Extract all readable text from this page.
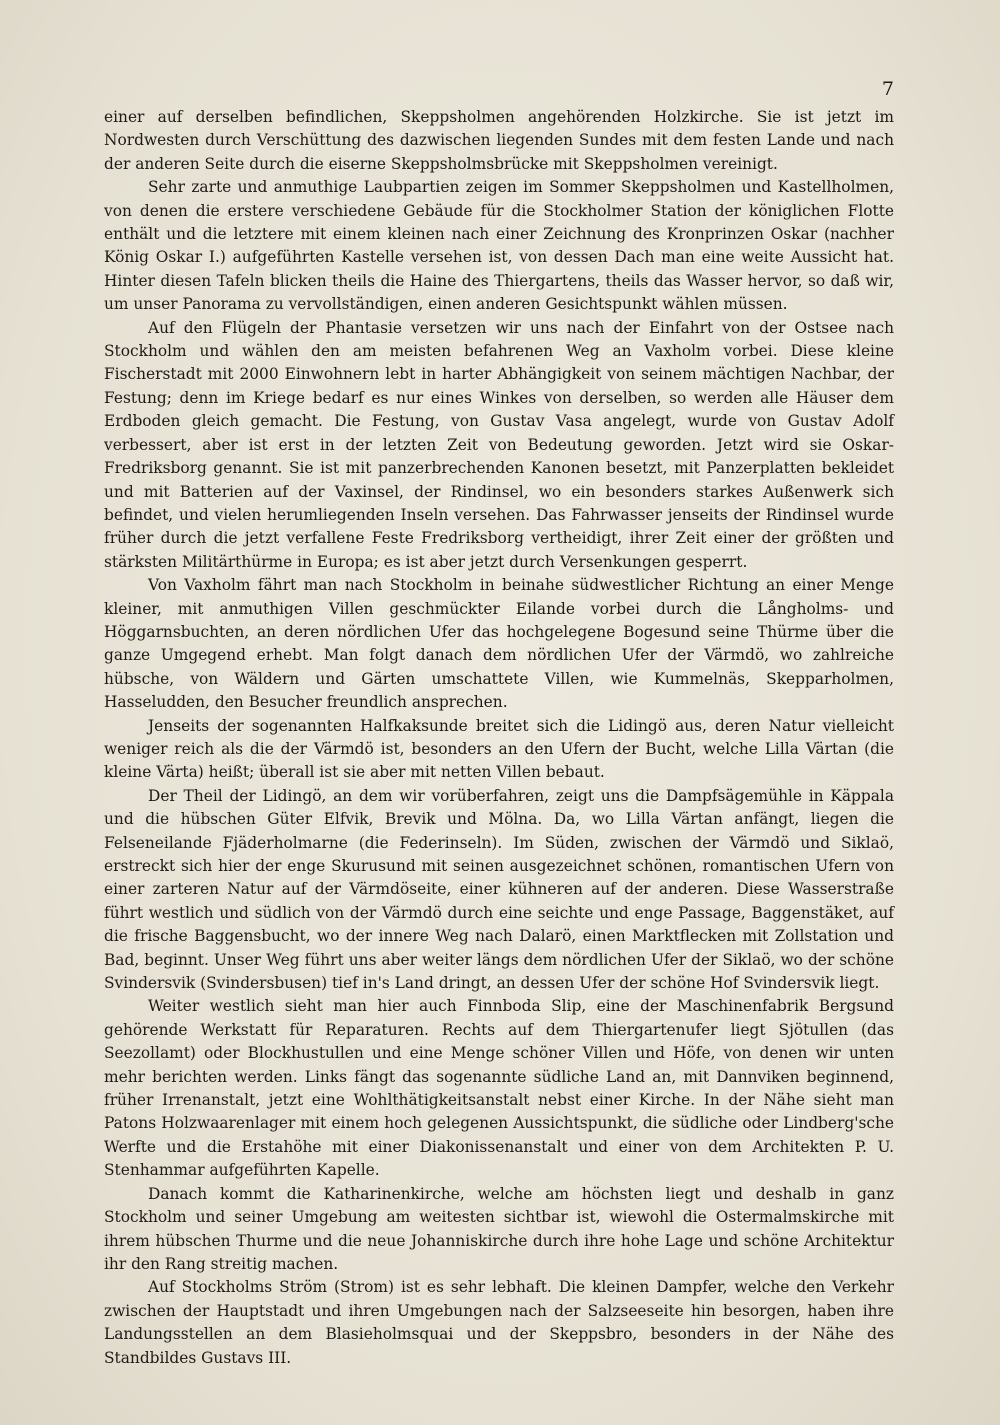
7

einer auf derselben befindlichen, Skeppsholmen angehörenden Holzkirche. Sie ist jetzt im Nordwesten durch Verschüttung des dazwischen liegenden Sundes mit dem festen Lande und nach der anderen Seite durch die eiserne Skeppsholmsbrücke mit Skeppsholmen vereinigt.

Sehr zarte und anmuthige Laubpartien zeigen im Sommer Skeppsholmen und Kastellholmen, von denen die erstere verschiedene Gebäude für die Stockholmer Station der königlichen Flotte enthält und die letztere mit einem kleinen nach einer Zeichnung des Kronprinzen Oskar (nachher König Oskar I.) aufgeführten Kastelle versehen ist, von dessen Dach man eine weite Aussicht hat. Hinter diesen Tafeln blicken theils die Haine des Thiergartens, theils das Wasser hervor, so daß wir, um unser Panorama zu vervollständigen, einen anderen Gesichtspunkt wählen müssen.

Auf den Flügeln der Phantasie versetzen wir uns nach der Einfahrt von der Ostsee nach Stockholm und wählen den am meisten befahrenen Weg an Vaxholm vorbei. Diese kleine Fischerstadt mit 2000 Einwohnern lebt in harter Abhängigkeit von seinem mächtigen Nachbar, der Festung; denn im Kriege bedarf es nur eines Winkes von derselben, so werden alle Häuser dem Erdboden gleich gemacht. Die Festung, von Gustav Vasa angelegt, wurde von Gustav Adolf verbessert, aber ist erst in der letzten Zeit von Bedeutung geworden. Jetzt wird sie Oskar-Fredriksborg genannt. Sie ist mit panzerbrechenden Kanonen besetzt, mit Panzerplatten bekleidet und mit Batterien auf der Vaxinsel, der Rindinsel, wo ein besonders starkes Außenwerk sich befindet, und vielen herumliegenden Inseln versehen. Das Fahrwasser jenseits der Rindinsel wurde früher durch die jetzt verfallene Feste Fredriksborg vertheidigt, ihrer Zeit einer der größten und stärksten Militärthürme in Europa; es ist aber jetzt durch Versenkungen gesperrt.

Von Vaxholm fährt man nach Stockholm in beinahe südwestlicher Richtung an einer Menge kleiner, mit anmuthigen Villen geschmückter Eilande vorbei durch die Långholms- und Höggarnsbuchten, an deren nördlichen Ufer das hochgelegene Bogesund seine Thürme über die ganze Umgegend erhebt. Man folgt danach dem nördlichen Ufer der Värmdö, wo zahlreiche hübsche, von Wäldern und Gärten umschattete Villen, wie Kummelnäs, Skepparholmen, Hasseludden, den Besucher freundlich ansprechen.

Jenseits der sogenannten Halfkaksunde breitet sich die Lidingö aus, deren Natur vielleicht weniger reich als die der Värmdö ist, besonders an den Ufern der Bucht, welche Lilla Värtan (die kleine Värta) heißt; überall ist sie aber mit netten Villen bebaut.

Der Theil der Lidingö, an dem wir vorüberfahren, zeigt uns die Dampfsägemühle in Käppala und die hübschen Güter Elfvik, Brevik und Mölna. Da, wo Lilla Värtan anfängt, liegen die Felseneilande Fjäderholmarne (die Federinseln). Im Süden, zwischen der Värmdö und Siklaö, erstreckt sich hier der enge Skurusund mit seinen ausgezeichnet schönen, romantischen Ufern von einer zarteren Natur auf der Värmdöseite, einer kühneren auf der anderen. Diese Wasserstraße führt westlich und südlich von der Värmdö durch eine seichte und enge Passage, Baggenstäket, auf die frische Baggensbucht, wo der innere Weg nach Dalarö, einen Marktflecken mit Zollstation und Bad, beginnt. Unser Weg führt uns aber weiter längs dem nördlichen Ufer der Siklaö, wo der schöne Svindersvik (Svindersbusen) tief in's Land dringt, an dessen Ufer der schöne Hof Svindersvik liegt.

Weiter westlich sieht man hier auch Finnboda Slip, eine der Maschinenfabrik Bergsund gehörende Werkstatt für Reparaturen. Rechts auf dem Thiergartenufer liegt Sjötullen (das Seezollamt) oder Blockhustullen und eine Menge schöner Villen und Höfe, von denen wir unten mehr berichten werden. Links fängt das sogenannte südliche Land an, mit Dannviken beginnend, früher Irrenanstalt, jetzt eine Wohlthätigkeitsanstalt nebst einer Kirche. In der Nähe sieht man Patons Holzwaarenlager mit einem hoch gelegenen Aussichtspunkt, die südliche oder Lindberg'sche Werfte und die Erstahöhe mit einer Diakonissenanstalt und einer von dem Architekten P. U. Stenhammar aufgeführten Kapelle.

Danach kommt die Katharinenkirche, welche am höchsten liegt und deshalb in ganz Stockholm und seiner Umgebung am weitesten sichtbar ist, wiewohl die Ostermalmskirche mit ihrem hübschen Thurme und die neue Johanniskirche durch ihre hohe Lage und schöne Architektur ihr den Rang streitig machen.

Auf Stockholms Ström (Strom) ist es sehr lebhaft. Die kleinen Dampfer, welche den Verkehr zwischen der Hauptstadt und ihren Umgebungen nach der Salzseeseite hin besorgen, haben ihre Landungsstellen an dem Blasieholmsquai und der Skeppsbro, besonders in der Nähe des Standbildes Gustavs III.
